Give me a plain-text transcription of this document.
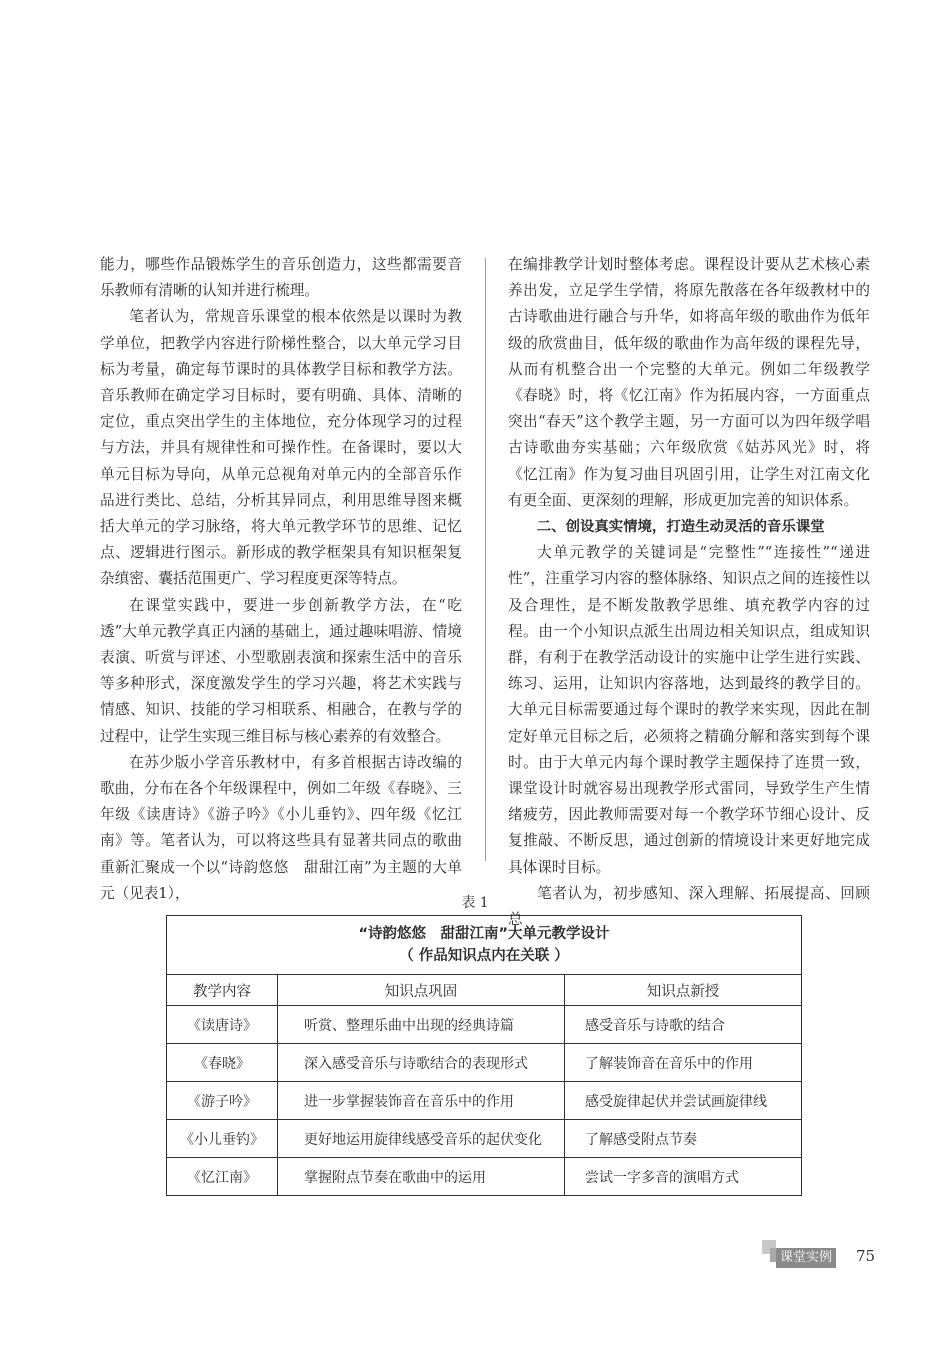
能力，哪些作品锻炼学生的音乐创造力，这些都需要音乐教师有清晰的认知并进行梳理。

笔者认为，常规音乐课堂的根本依然是以课时为教学单位，把教学内容进行阶梯性整合，以大单元学习目标为考量，确定每节课时的具体教学目标和教学方法。音乐教师在确定学习目标时，要有明确、具体、清晰的定位，重点突出学生的主体地位，充分体现学习的过程与方法，并具有规律性和可操作性。在备课时，要以大单元目标为导向，从单元总视角对单元内的全部音乐作品进行类比、总结，分析其异同点，利用思维导图来概括大单元的学习脉络，将大单元教学环节的思维、记忆点、逻辑进行图示。新形成的教学框架具有知识框架复杂缜密、囊括范围更广、学习程度更深等特点。

在课堂实践中，要进一步创新教学方法，在“吃透”大单元教学真正内涵的基础上，通过趣味唱游、情境表演、听赏与评述、小型歌剧表演和探索生活中的音乐等多种形式，深度激发学生的学习兴趣，将艺术实践与情感、知识、技能的学习相联系、相融合，在教与学的过程中，让学生实现三维目标与核心素养的有效整合。

在苏少版小学音乐教材中，有多首根据古诗改编的歌曲，分布在各个年级课程中，例如二年级《春晓》、三年级《读唐诗》《游子吟》《小儿垂钓》、四年级《忆江南》等。笔者认为，可以将这些具有显著共同点的歌曲重新汇聚成一个以“诗韵悠悠　甜甜江南”为主题的大单元（见表1），

在编排教学计划时整体考虑。课程设计要从艺术核心素养出发，立足学生学情，将原先散落在各年级教材中的古诗歌曲进行融合与升华，如将高年级的歌曲作为低年级的欣赏曲目，低年级的歌曲作为高年级的课程先导，从而有机整合出一个完整的大单元。例如二年级教学《春晓》时，将《忆江南》作为拓展内容，一方面重点突出“春天”这个教学主题，另一方面可以为四年级学唱古诗歌曲夯实基础；六年级欣赏《姑苏风光》时，将《忆江南》作为复习曲目巩固引用，让学生对江南文化有更全面、更深刻的理解，形成更加完善的知识体系。

二、创设真实情境，打造生动灵活的音乐课堂

大单元教学的关键词是“完整性”“连接性”“递进性”，注重学习内容的整体脉络、知识点之间的连接性以及合理性，是不断发散教学思维、填充教学内容的过程。由一个小知识点派生出周边相关知识点，组成知识群，有利于在教学活动设计的实施中让学生进行实践、练习、运用，让知识内容落地，达到最终的教学目的。大单元目标需要通过每个课时的教学来实现，因此在制定好单元目标之后，必须将之精确分解和落实到每个课时。由于大单元内每个课时教学主题保持了连贯一致，课堂设计时就容易出现教学形式雷同，导致学生产生情绪疲劳，因此教师需要对每一个教学环节细心设计、反复推敲、不断反思，通过创新的情境设计来更好地完成具体课时目标。

笔者认为，初步感知、深入理解、拓展提高、回顾总

表 1
“诗韵悠悠　甜甜江南”大单元教学设计
（ 作品知识点内在关联 ）		

教学内容	知识点巩固	知识点新授
《读唐诗》	听赏、整理乐曲中出现的经典诗篇	感受音乐与诗歌的结合
《春晓》	深入感受音乐与诗歌结合的表现形式	了解装饰音在音乐中的作用
《游子吟》	进一步掌握装饰音在音乐中的作用	感受旋律起伏并尝试画旋律线
《小儿垂钓》	更好地运用旋律线感受音乐的起伏变化	了解感受附点节奏
《忆江南》	掌握附点节奏在歌曲中的运用	尝试一字多音的演唱方式
课堂实例 75
